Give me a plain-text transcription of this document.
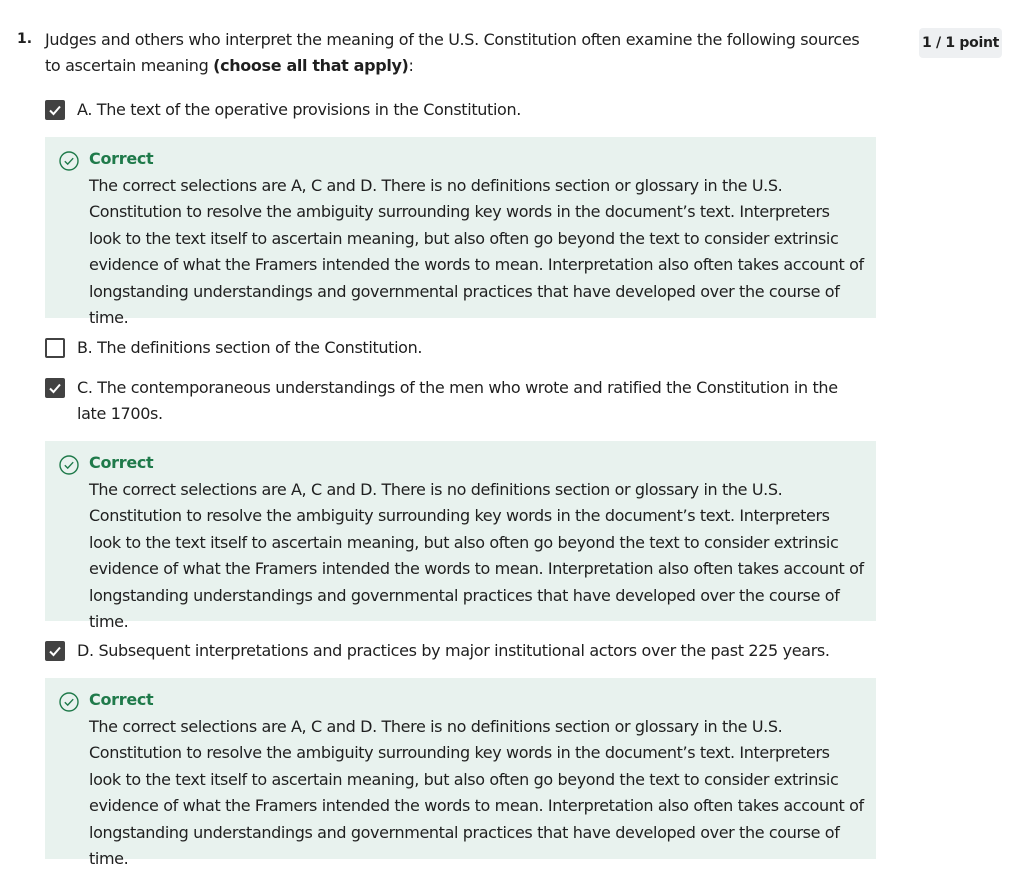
1. Judges and others who interpret the meaning of the U.S. Constitution often examine the following sources to ascertain meaning (choose all that apply):
1 / 1 point
A. The text of the operative provisions in the Constitution.
Correct
The correct selections are A, C and D. There is no definitions section or glossary in the U.S. Constitution to resolve the ambiguity surrounding key words in the document’s text. Interpreters look to the text itself to ascertain meaning, but also often go beyond the text to consider extrinsic evidence of what the Framers intended the words to mean. Interpretation also often takes account of longstanding understandings and governmental practices that have developed over the course of time.
B. The definitions section of the Constitution.
C. The contemporaneous understandings of the men who wrote and ratified the Constitution in the late 1700s.
Correct
The correct selections are A, C and D. There is no definitions section or glossary in the U.S. Constitution to resolve the ambiguity surrounding key words in the document’s text. Interpreters look to the text itself to ascertain meaning, but also often go beyond the text to consider extrinsic evidence of what the Framers intended the words to mean. Interpretation also often takes account of longstanding understandings and governmental practices that have developed over the course of time.
D. Subsequent interpretations and practices by major institutional actors over the past 225 years.
Correct
The correct selections are A, C and D. There is no definitions section or glossary in the U.S. Constitution to resolve the ambiguity surrounding key words in the document’s text. Interpreters look to the text itself to ascertain meaning, but also often go beyond the text to consider extrinsic evidence of what the Framers intended the words to mean. Interpretation also often takes account of longstanding understandings and governmental practices that have developed over the course of time.
